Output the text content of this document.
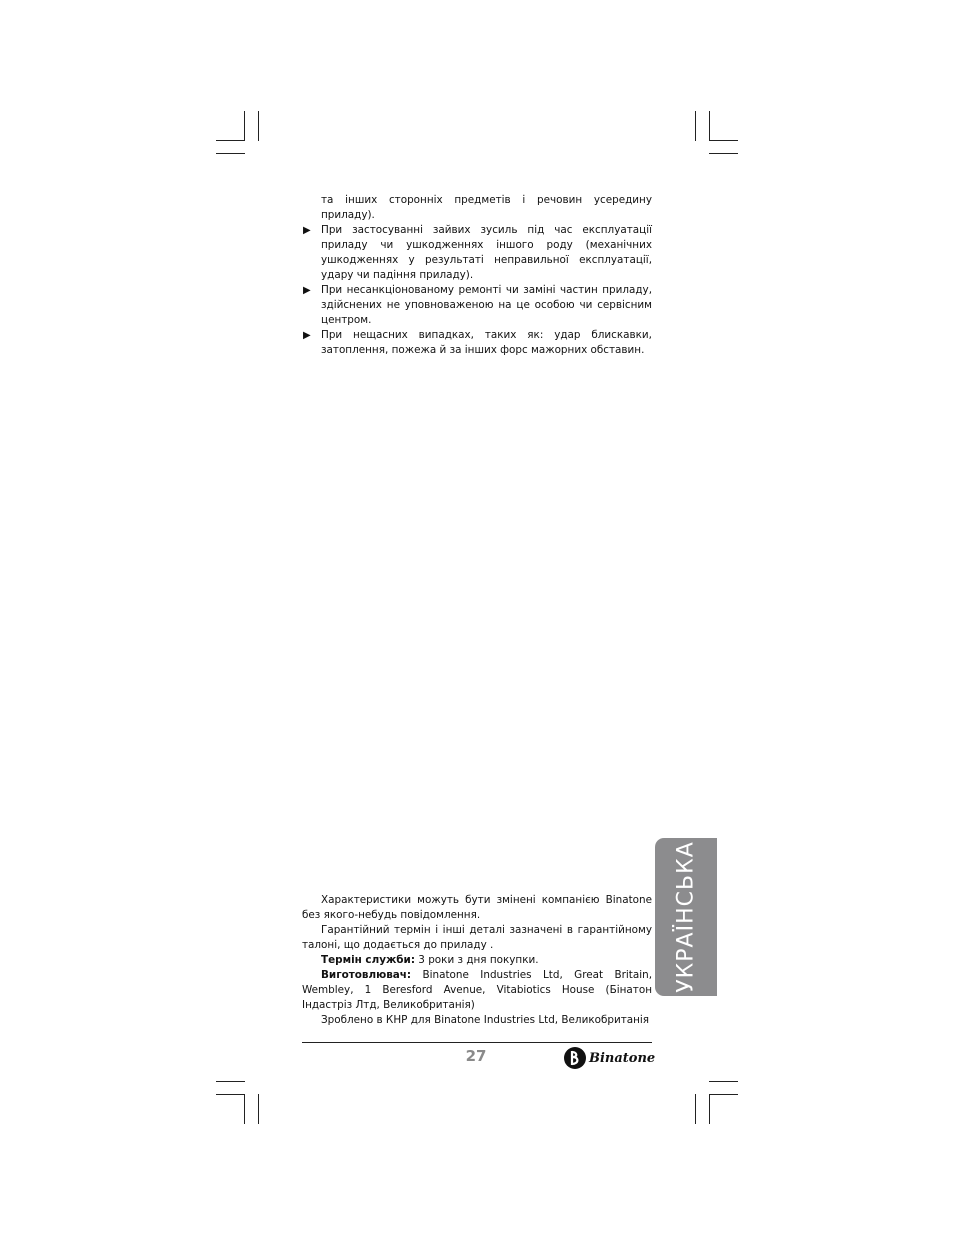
та інших сторонніх предметів і речовин усередину приладу).

▶ При застосуванні зайвих зусиль під час експлуатації приладу чи ушкодженнях іншого роду (механічних ушкодженнях у результаті неправильної експлуатації, удару чи падіння приладу).

▶ При несанкціонованому ремонті чи заміні частин приладу, здійснених не уповноваженою на це особою чи сервісним центром.

▶ При нещасних випадках, таких як: удар блискавки, затоплення, пожежа й за інших форс мажорних обставин.

Характеристики можуть бути змінені компанією Binatone без якого-небудь повідомлення.

Гарантійний термін і інші деталі зазначені в гарантійному талоні, що додається до приладу .

Термін служби: 3 роки з дня покупки.

Виготовлювач: Binatone Industries Ltd, Great Britain, Wembley, 1 Beresford Avenue, Vitabiotics House (Бінатон Індастріз Лтд, Великобританія)

Зроблено в КНР для Binatone Industries Ltd, Великобританія

27	Binatone
УКРАЇНСЬКА
